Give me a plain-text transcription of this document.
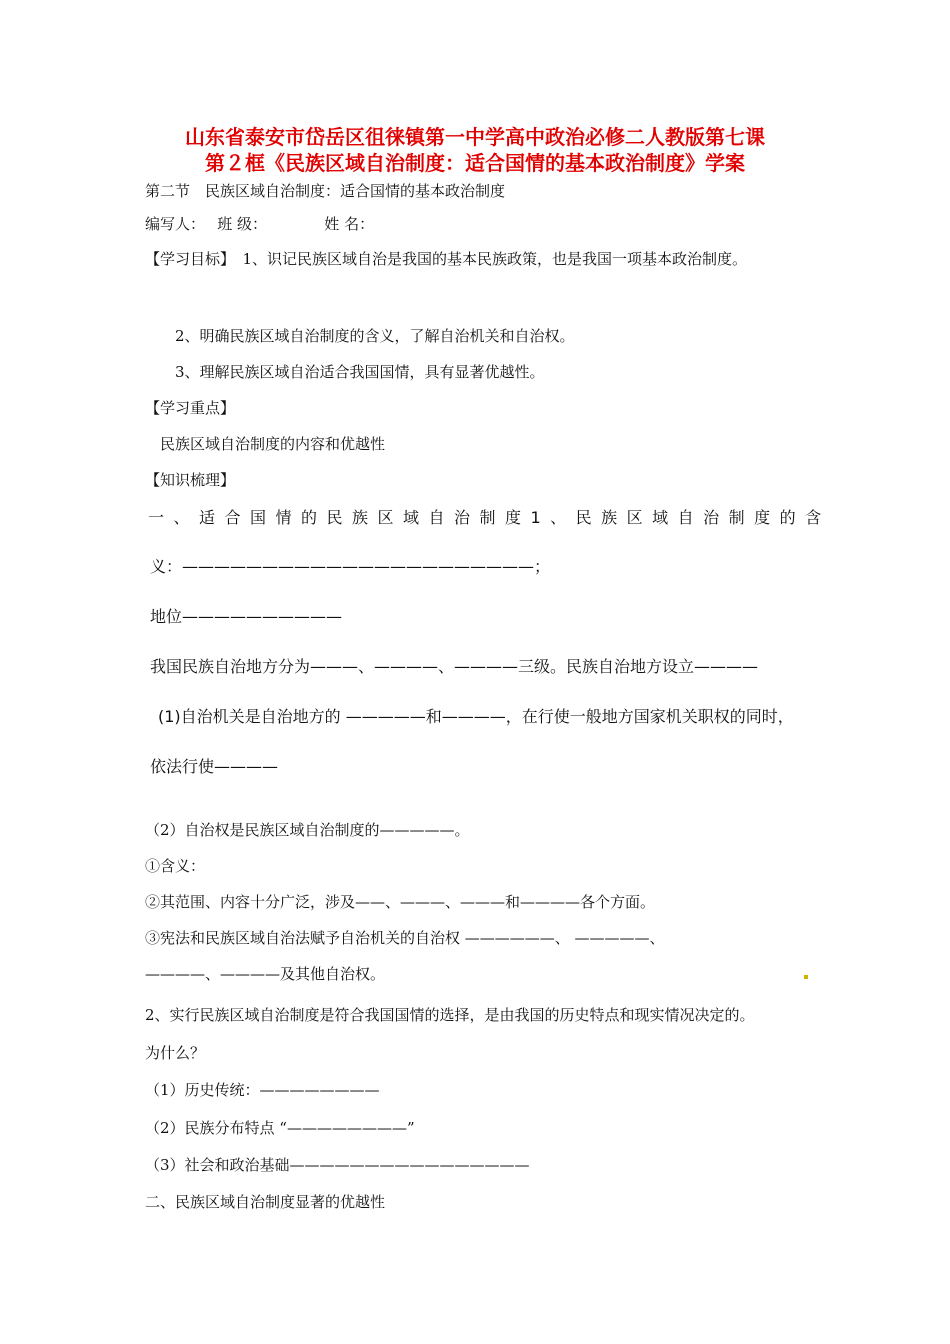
山东省泰安市岱岳区徂徕镇第一中学高中政治必修二人教版第七课
第２框《民族区域自治制度：适合国情的基本政治制度》学案
第二节　民族区域自治制度：适合国情的基本政治制度
编写人：　 班 级：　　　　 姓 名：
【学习目标】　1、识记民族区域自治是我国的基本民族政策，也是我国一项基本政治制度。
2、明确民族区域自治制度的含义，了解自治机关和自治权。
3、理解民族区域自治适合我国国情，具有显著优越性。
【学习重点】
民族区域自治制度的内容和优越性
【知识梳理】
一、适合国情的民族区域自治制度1、民族区域自治制度的含
义：——————————————————————；
地位——————————
我国民族自治地方分为———、————、————三级。民族自治地方设立————
(1)自治机关是自治地方的 —————和————，在行使一般地方国家机关职权的同时，
依法行使————
（2）自治权是民族区域自治制度的—————。
①含义：
②其范围、内容十分广泛，涉及——、———、———和————各个方面。
③宪法和民族区域自治法赋予自治机关的自治权 ——————、 —————、
————、————及其他自治权。
2、实行民族区域自治制度是符合我国国情的选择，是由我国的历史特点和现实情况决定的。
为什么？
（1）历史传统：————————
（2）民族分布特点 “————————”
（3）社会和政治基础————————————————
二、民族区域自治制度显著的优越性
